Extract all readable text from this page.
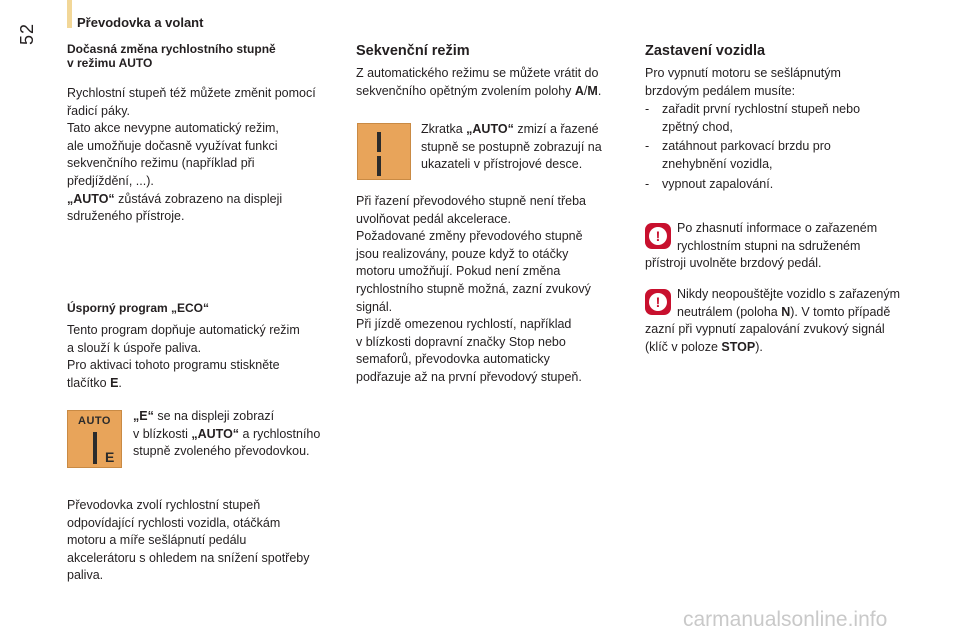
52
Převodovka a volant
Dočasná změna rychlostního stupně
v režimu AUTO

Rychlostní stupeň též můžete změnit pomocí

řadicí páky.

Tato akce nevypne automatický režim,

ale umožňuje dočasně využívat funkci

sekvenčního režimu (například při

předjíždění, ...).

„AUTO“ zůstává zobrazeno na displeji

sdruženého přístroje.

Úsporný program „ECO“

Tento program dopňuje automatický režim

a slouží k úspoře paliva.

Pro aktivaci tohoto programu stiskněte

tlačítko E.

AUTO
E

„E“ se na displeji zobrazí

v blízkosti „AUTO“ a rychlostního

stupně zvoleného převodovkou.

Převodovka zvolí rychlostní stupeň

odpovídající rychlosti vozidla, otáčkám

motoru a míře sešlápnutí pedálu

akcelerátoru s ohledem na snížení spotřeby

paliva.

Sekvenční režim

Z automatického režimu se můžete vrátit do

sekvenčního opětným zvolením polohy A/M.

Zkratka „AUTO“ zmizí a řazené

stupně se postupně zobrazují na

ukazateli v přístrojové desce.

Při řazení převodového stupně není třeba

uvolňovat pedál akcelerace.

Požadované změny převodového stupně

jsou realizovány, pouze když to otáčky

motoru umožňují. Pokud není změna

rychlostního stupně možná, zazní zvukový

signál.

Při jízdě omezenou rychlostí, například

v blízkosti dopravní značky Stop nebo

semaforů, převodovka automaticky

podřazuje až na první převodový stupeň.

Zastavení vozidla

Pro vypnutí motoru se sešlápnutým

brzdovým pedálem musíte:

-	zařadit první rychlostní stupeň nebo

zpětný chod,

-	zatáhnout parkovací brzdu pro

znehybnění vozidla,

-	vypnout zapalování.

!	Po zhasnutí informace o zařazeném

rychlostním stupni na sdruženém

přístroji uvolněte brzdový pedál.
!	Nikdy neopouštějte vozidlo s zařazeným

neutrálem (poloha N). V tomto případě

zazní při vypnutí zapalování zvukový signál

(klíč v poloze STOP).

carmanualsonline.info
